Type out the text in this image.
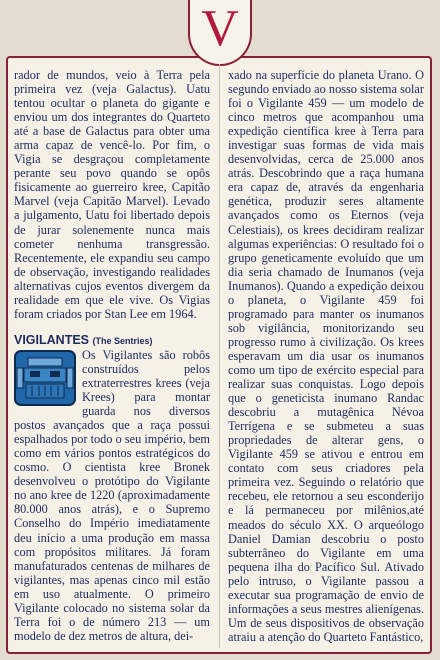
V

rador de mundos, veio à Terra pela primeira vez (veja Galactus). Uatu tentou ocultar o planeta do gigante e enviou um dos integrantes do Quarteto até a base de Galactus para obter uma arma capaz de vencê-lo. Por fim, o Vigia se desgraçou completamente perante seu povo quando se opôs fisicamente ao guerreiro kree, Capitão Marvel (veja Capitão Marvel). Levado a julgamento, Uatu foi libertado depois de jurar solenemente nunca mais cometer nenhuma transgressão. Recentemente, ele expandiu seu campo de observação, investigando realidades alternativas cujos eventos divergem da realidade em que ele vive. Os Vigias foram criados por Stan Lee em 1964.

VIGILANTES (The Sentries)

Os Vigilantes são robôs construídos pelos extraterrestres krees (veja Krees) para montar guarda nos diversos postos avançados que a raça possui espalhados por todo o seu império, bem como em vários pontos estratégicos do cosmo. O cientista kree Bronek desenvolveu o protótipo do Vigilante no ano kree de 1220 (aproximadamente 80.000 anos atrás), e o Supremo Conselho do Império imediatamente deu início a uma produção em massa com propósitos militares. Já foram manufaturados centenas de milhares de vigilantes, mas apenas cinco mil estão em uso atualmente. O primeiro Vigilante colocado no sistema solar da Terra foi o de número 213 — um modelo de dez metros de altura, dei-

xado na superfície do planeta Urano. O segundo enviado ao nosso sistema solar foi o Vigilante 459 — um modelo de cinco metros que acompanhou uma expedição científica kree à Terra para investigar suas formas de vida mais desenvolvidas, cerca de 25.000 anos atrás. Descobrindo que a raça humana era capaz de, através da engenharia genética, produzir seres altamente avançados como os Eternos (veja Celestiais), os krees decidiram realizar algumas experiências: O resultado foi o grupo geneticamente evoluído que um dia seria chamado de Inumanos (veja Inumanos). Quando a expedição deixou o planeta, o Vigilante 459 foi programado para manter os inumanos sob vigilância, monitorizando seu progresso rumo à civilização. Os krees esperavam um dia usar os inumanos como um tipo de exército especial para realizar suas conquistas. Logo depois que o geneticista inumano Randac descobriu a mutagênica Névoa Terrígena e se submeteu a suas propriedades de alterar gens, o Vigilante 459 se ativou e entrou em contato com seus criadores pela primeira vez. Seguindo o relatório que recebeu, ele retornou a seu esconderijo e lá permaneceu por milênios,até meados do século XX. O arqueólogo Daniel Damian descobriu o posto subterrâneo do Vigilante em uma pequena ilha do Pacífico Sul. Ativado pelo intruso, o Vigilante passou a executar sua programação de envio de informações a seus mestres alienígenas. Um de seus dispositivos de observação atraiu a atenção do Quarteto Fantástico,
